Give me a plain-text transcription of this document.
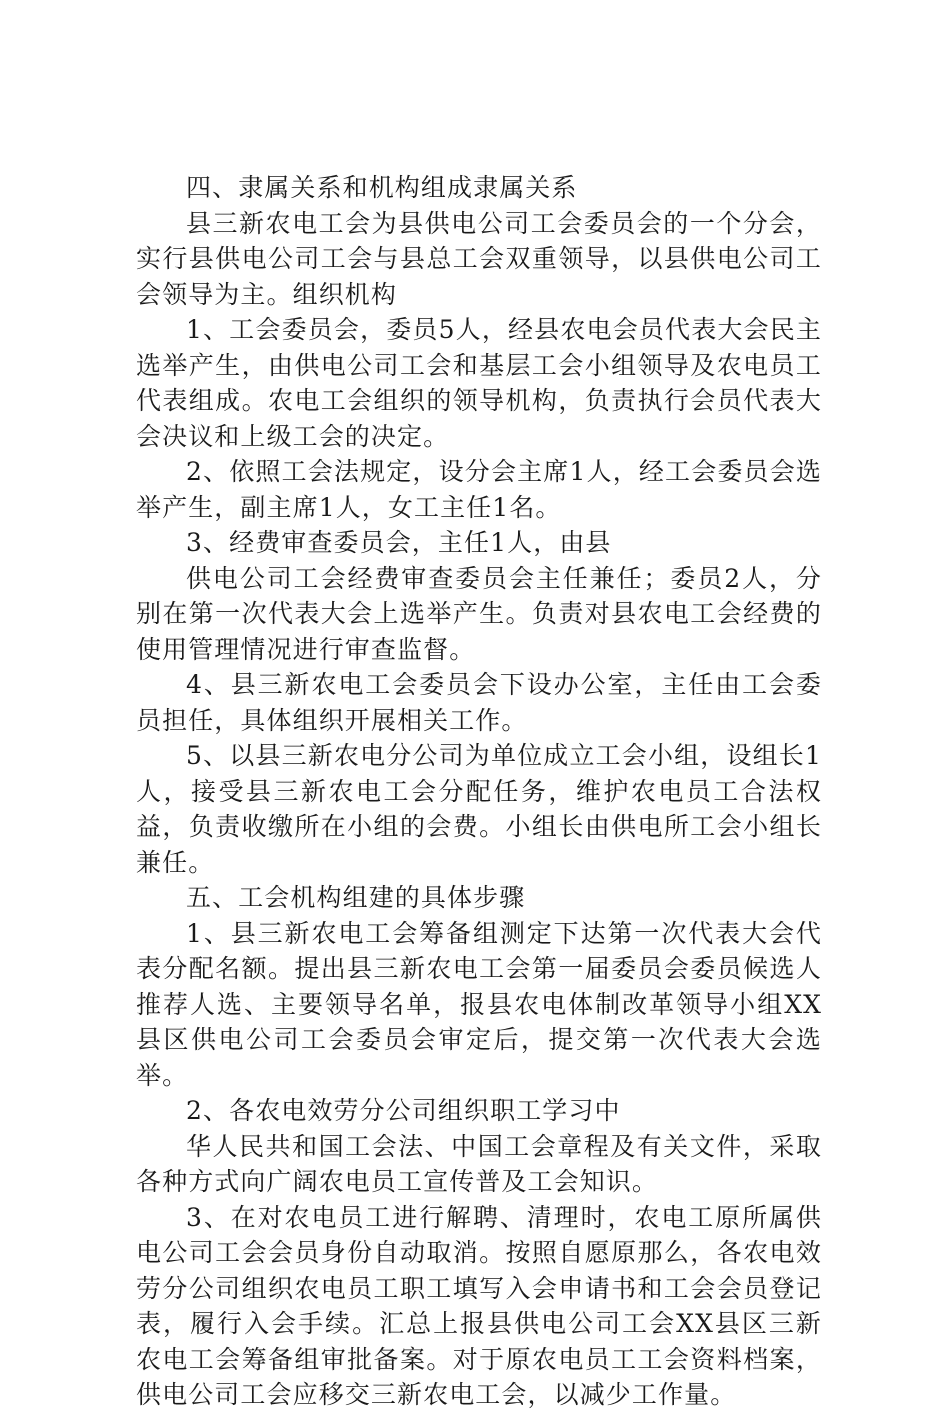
四、隶属关系和机构组成隶属关系

县三新农电工会为县供电公司工会委员会的一个分会，实行县供电公司工会与县总工会双重领导，以县供电公司工会领导为主。组织机构

1、工会委员会，委员5人，经县农电会员代表大会民主选举产生，由供电公司工会和基层工会小组领导及农电员工代表组成。农电工会组织的领导机构，负责执行会员代表大会决议和上级工会的决定。

2、依照工会法规定，设分会主席1人，经工会委员会选举产生，副主席1人，女工主任1名。

3、经费审查委员会，主任1人，由县

供电公司工会经费审查委员会主任兼任；委员2人，分别在第一次代表大会上选举产生。负责对县农电工会经费的使用管理情况进行审查监督。

4、县三新农电工会委员会下设办公室，主任由工会委员担任，具体组织开展相关工作。

5、以县三新农电分公司为单位成立工会小组，设组长1人，接受县三新农电工会分配任务，维护农电员工合法权益，负责收缴所在小组的会费。小组长由供电所工会小组长兼任。

五、工会机构组建的具体步骤

1、县三新农电工会筹备组测定下达第一次代表大会代表分配名额。提出县三新农电工会第一届委员会委员候选人推荐人选、主要领导名单，报县农电体制改革领导小组XX县区供电公司工会委员会审定后，提交第一次代表大会选举。

2、各农电效劳分公司组织职工学习中

华人民共和国工会法、中国工会章程及有关文件，采取各种方式向广阔农电员工宣传普及工会知识。

3、在对农电员工进行解聘、清理时，农电工原所属供电公司工会会员身份自动取消。按照自愿原那么，各农电效劳分公司组织农电员工职工填写入会申请书和工会会员登记表，履行入会手续。汇总上报县供电公司工会XX县区三新农电工会筹备组审批备案。对于原农电员工工会资料档案，供电公司工会应移交三新农电工会，以减少工作量。
